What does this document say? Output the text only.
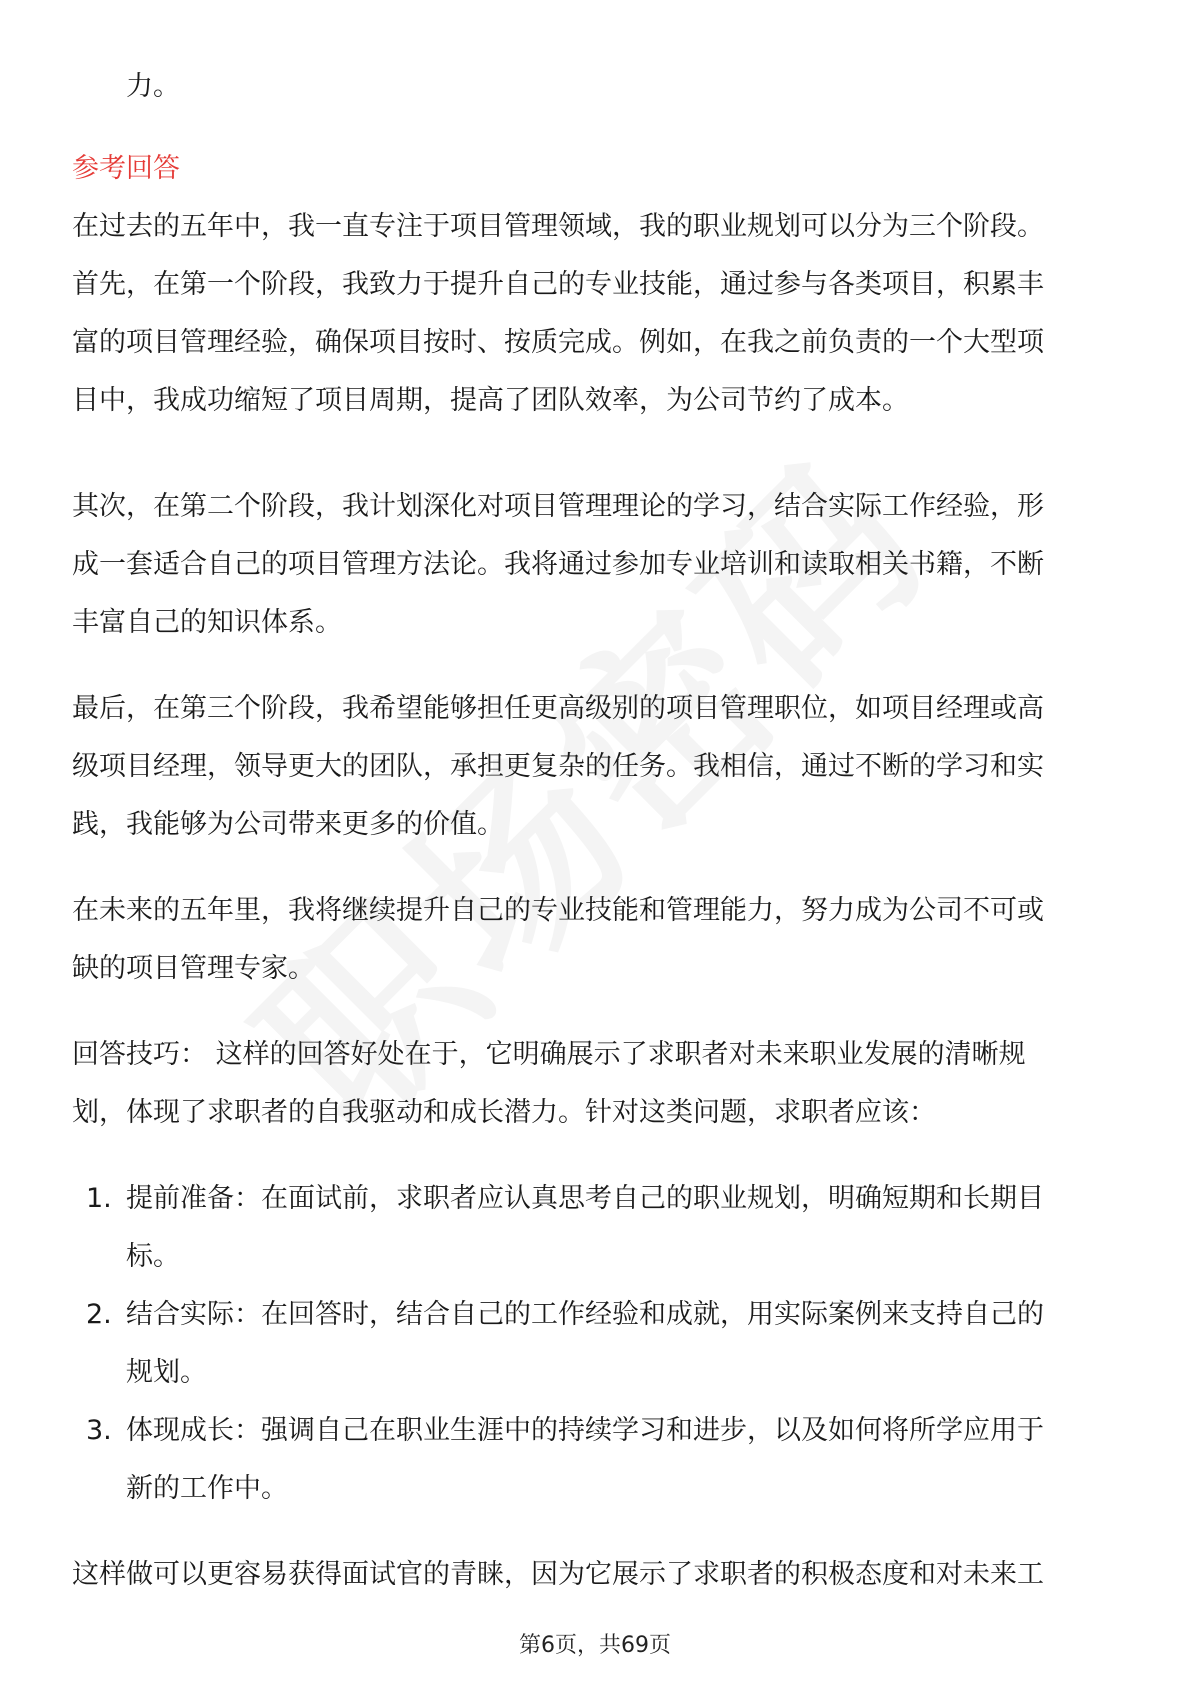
力。
参考回答
在过去的五年中，我一直专注于项目管理领域，我的职业规划可以分为三个阶段。
首先，在第一个阶段，我致力于提升自己的专业技能，通过参与各类项目，积累丰
富的项目管理经验，确保项目按时、按质完成。例如，在我之前负责的一个大型项
目中，我成功缩短了项目周期，提高了团队效率，为公司节约了成本。
其次，在第二个阶段，我计划深化对项目管理理论的学习，结合实际工作经验，形
成一套适合自己的项目管理方法论。我将通过参加专业培训和读取相关书籍，不断
丰富自己的知识体系。
最后，在第三个阶段，我希望能够担任更高级别的项目管理职位，如项目经理或高
级项目经理，领导更大的团队，承担更复杂的任务。我相信，通过不断的学习和实
践，我能够为公司带来更多的价值。
在未来的五年里，我将继续提升自己的专业技能和管理能力，努力成为公司不可或
缺的项目管理专家。
回答技巧： 这样的回答好处在于，它明确展示了求职者对未来职业发展的清晰规
划，体现了求职者的自我驱动和成长潜力。针对这类问题，求职者应该：
1. 提前准备：在面试前，求职者应认真思考自己的职业规划，明确短期和长期目
标。
2. 结合实际：在回答时，结合自己的工作经验和成就，用实际案例来支持自己的
规划。
3. 体现成长：强调自己在职业生涯中的持续学习和进步，以及如何将所学应用于
新的工作中。
这样做可以更容易获得面试官的青睐，因为它展示了求职者的积极态度和对未来工
第6页，共69页
